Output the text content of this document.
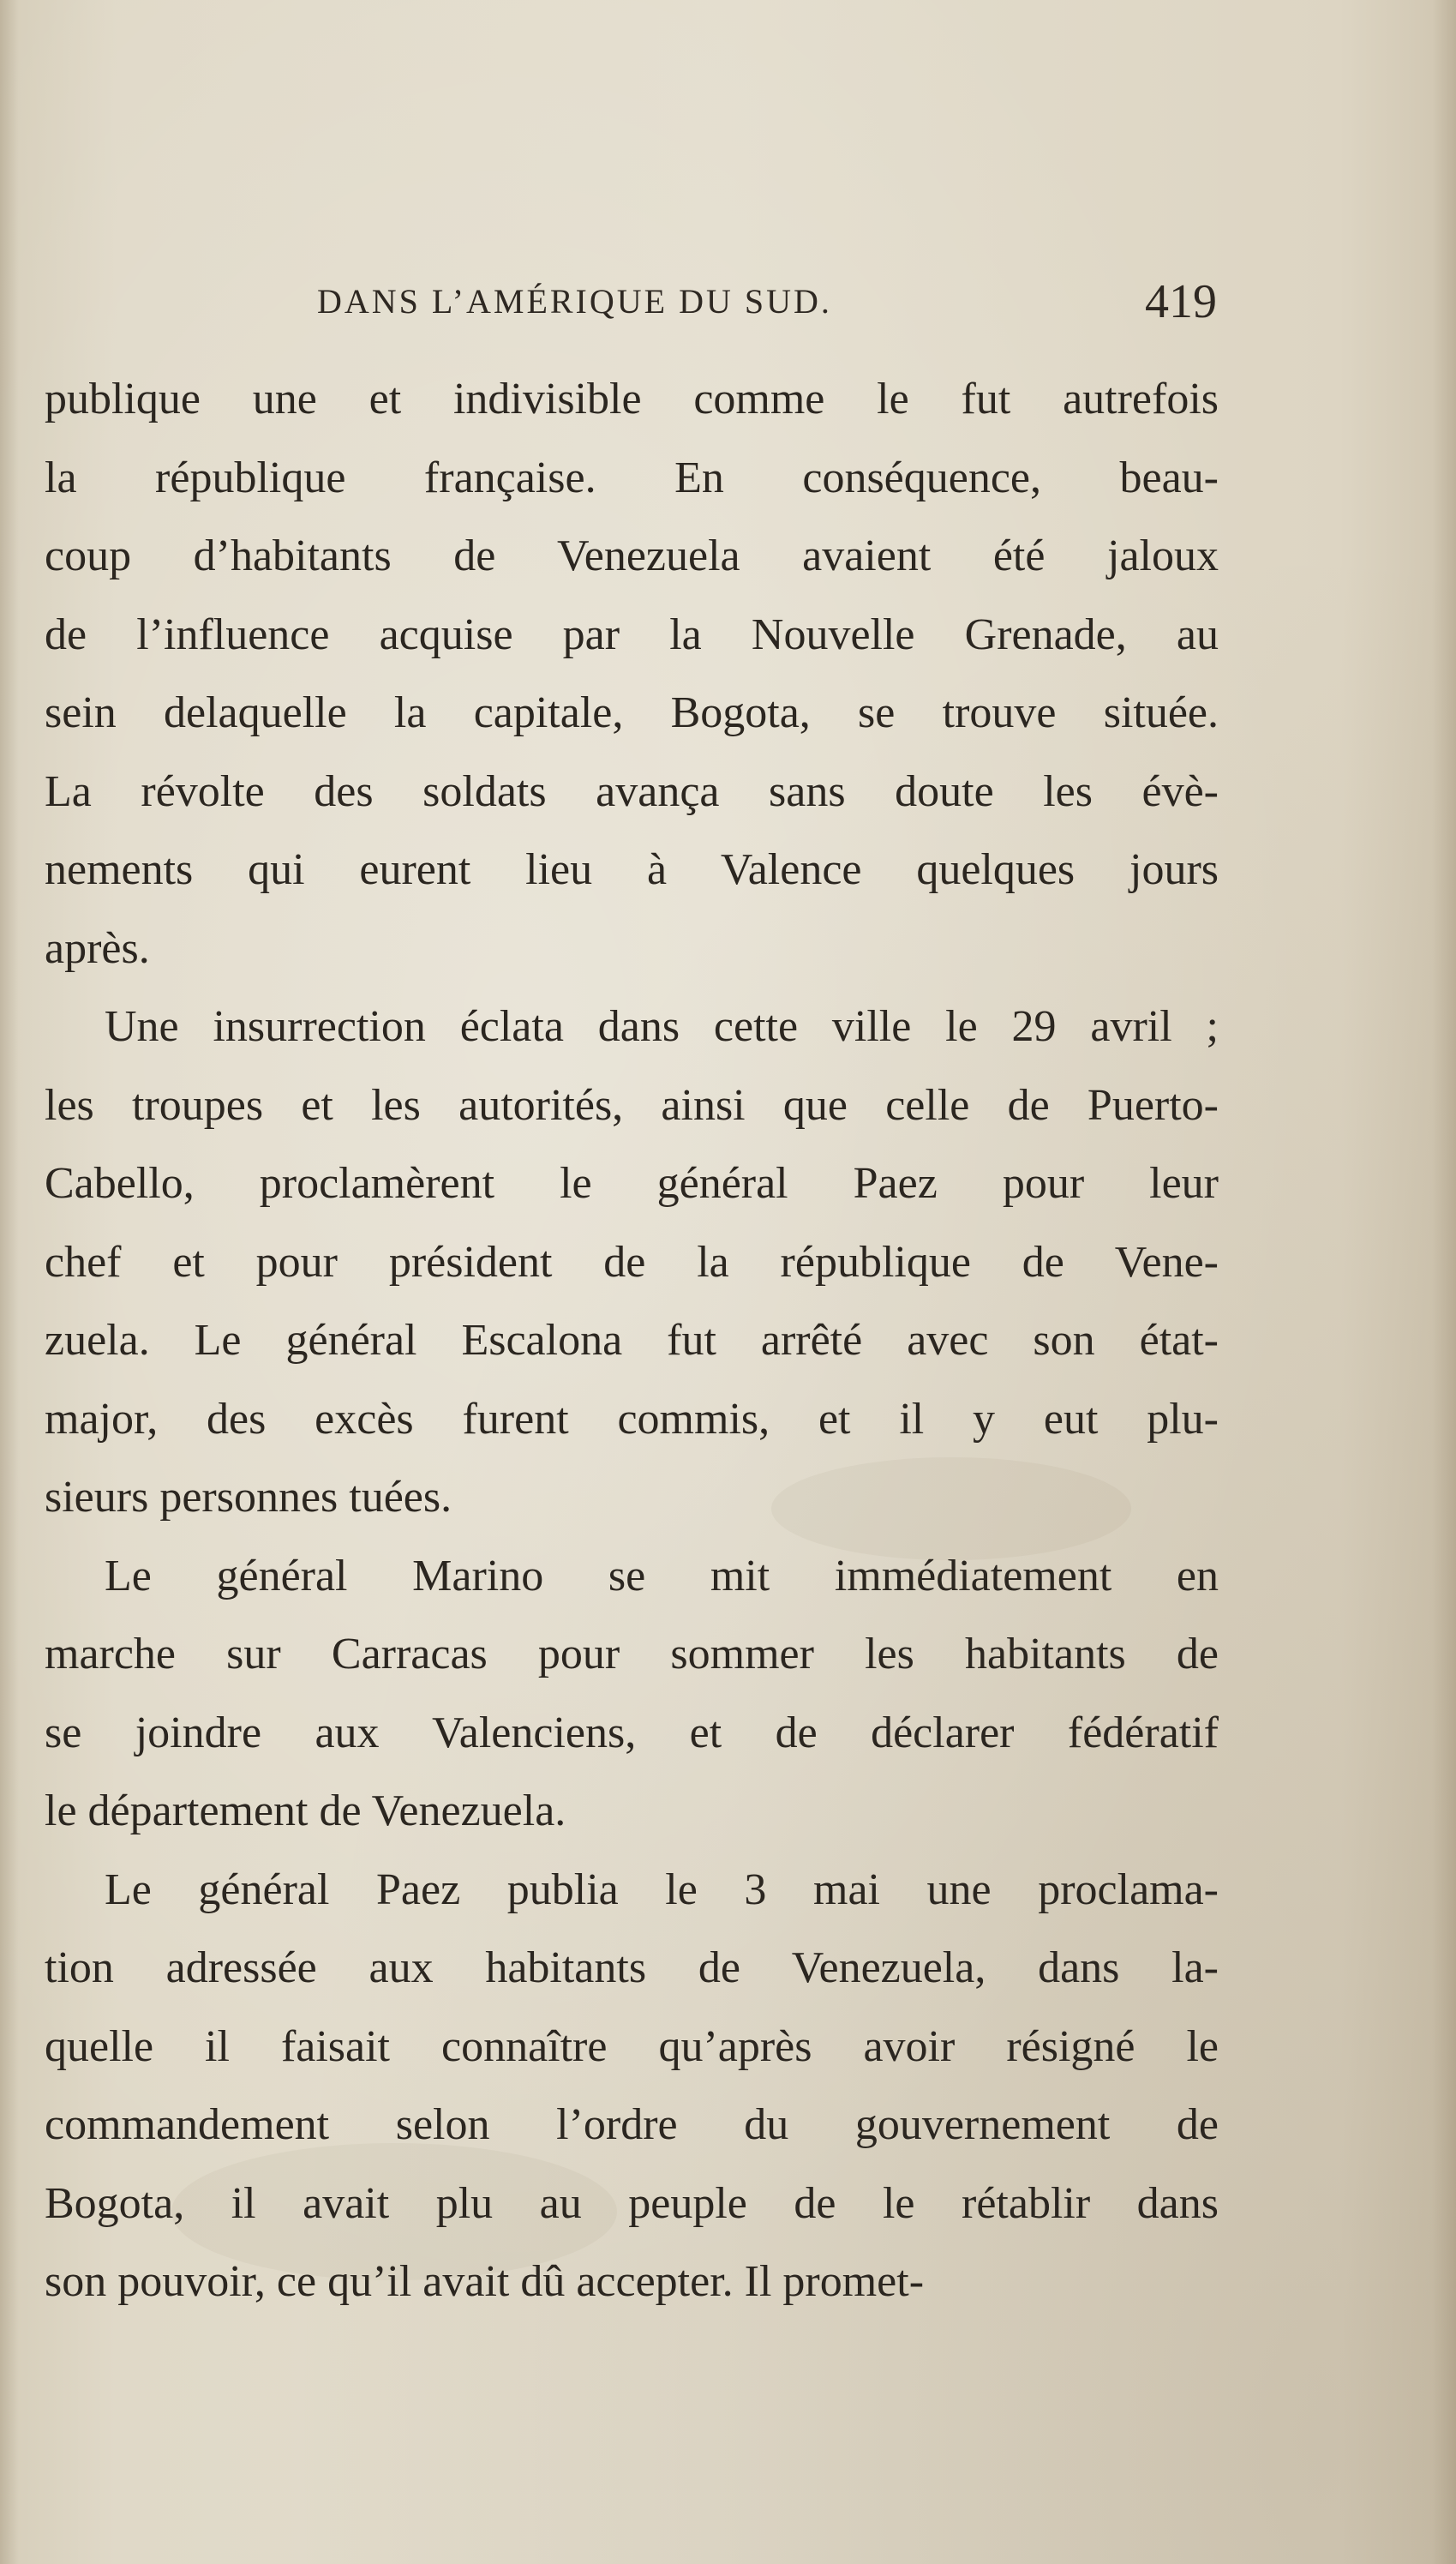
DANS L’AMÉRIQUE DU SUD.	419
publique une et indivisible comme le fut autrefois
la république française. En conséquence, beau-
coup d’habitants de Venezuela avaient été jaloux
de l’influence acquise par la Nouvelle Grenade, au
sein delaquelle la capitale, Bogota, se trouve située.
La révolte des soldats avança sans doute les évè-
nements qui eurent lieu à Valence quelques jours
après.
Une insurrection éclata dans cette ville le 29 avril ;
les troupes et les autorités, ainsi que celle de Puerto-
Cabello, proclamèrent le général Paez pour leur
chef et pour président de la république de Vene-
zuela. Le général Escalona fut arrêté avec son état-
major, des excès furent commis, et il y eut plu-
sieurs personnes tuées.
Le général Marino se mit immédiatement en
marche sur Carracas pour sommer les habitants de
se joindre aux Valenciens, et de déclarer fédératif
le département de Venezuela.
Le général Paez publia le 3 mai une proclama-
tion adressée aux habitants de Venezuela, dans la-
quelle il faisait connaître qu’après avoir résigné le
commandement selon l’ordre du gouvernement de
Bogota, il avait plu au peuple de le rétablir dans
son pouvoir, ce qu’il avait dû accepter. Il promet-
